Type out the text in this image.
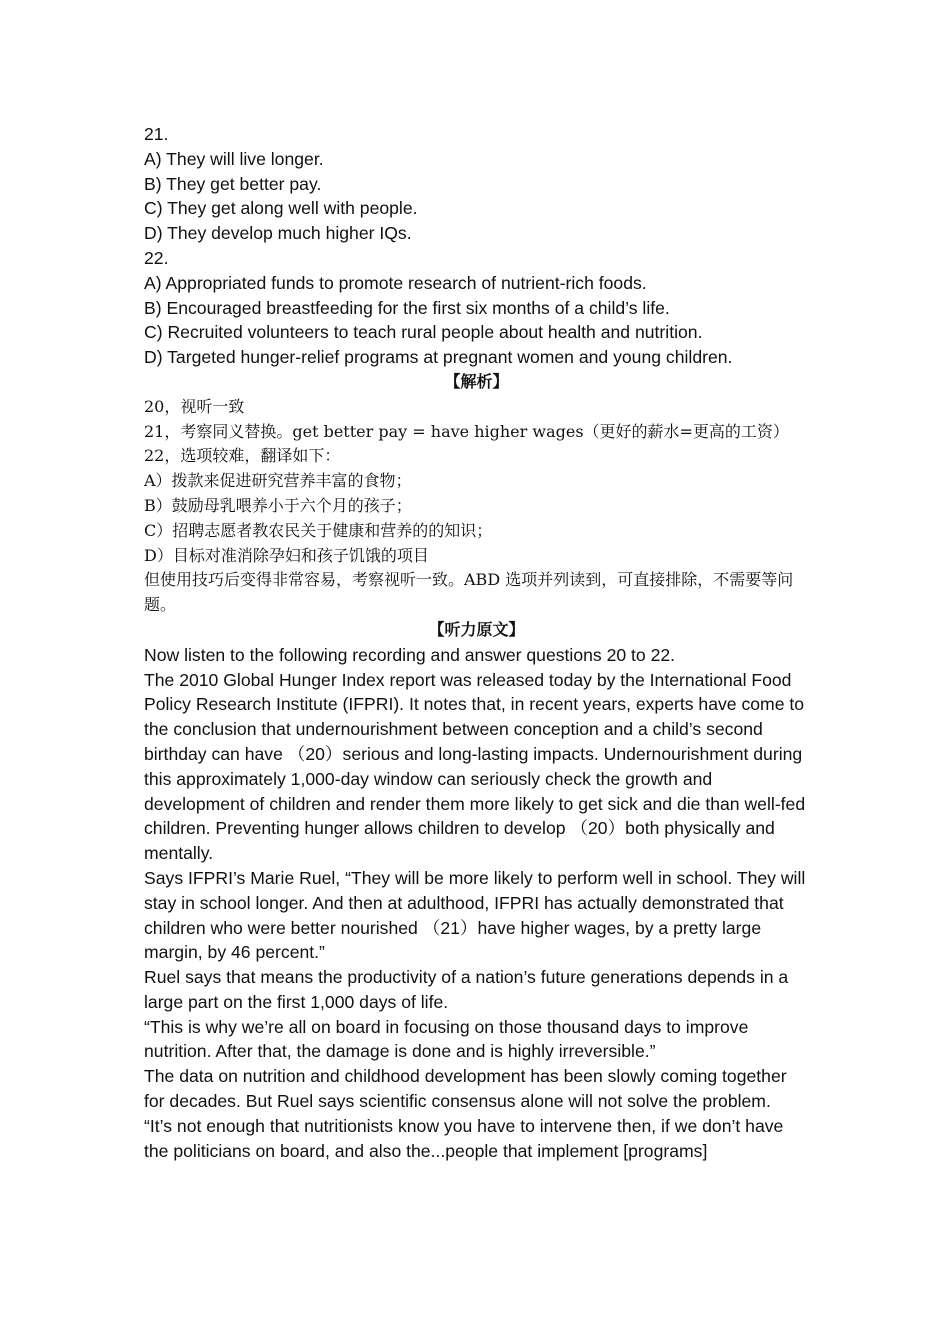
21.

A) They will live longer.

B) They get better pay.

C) They get along well with people.

D) They develop much higher IQs.

22.

A) Appropriated funds to promote research of nutrient-rich foods.

B) Encouraged breastfeeding for the first six months of a child’s life.

C) Recruited volunteers to teach rural people about health and nutrition.

D) Targeted hunger-relief programs at pregnant women and young children.

【解析】

20，视听一致

21，考察同义替换。get better pay = have higher wages（更好的薪水=更高的工资）

22，选项较难，翻译如下：

A）拨款来促进研究营养丰富的食物；

B）鼓励母乳喂养小于六个月的孩子；

C）招聘志愿者教农民关于健康和营养的的知识；

D）目标对准消除孕妇和孩子饥饿的项目

但使用技巧后变得非常容易，考察视听一致。ABD 选项并列读到，可直接排除，不需要等问题。

【听力原文】

Now listen to the following recording and answer questions 20 to 22.

The 2010 Global Hunger Index report was released today by the International Food Policy Research Institute (IFPRI). It notes that, in recent years, experts have come to the conclusion that undernourishment between conception and a child’s second birthday can have （20）serious and long-lasting impacts. Undernourishment during this approximately 1,000-day window can seriously check the growth and development of children and render them more likely to get sick and die than well-fed children. Preventing hunger allows children to develop （20）both physically and mentally.

Says IFPRI’s Marie Ruel, “They will be more likely to perform well in school. They will stay in school longer. And then at adulthood, IFPRI has actually demonstrated that children who were better nourished （21）have higher wages, by a pretty large margin, by 46 percent.”

Ruel says that means the productivity of a nation’s future generations depends in a large part on the first 1,000 days of life.

“This is why we’re all on board in focusing on those thousand days to improve nutrition. After that, the damage is done and is highly irreversible.”

The data on nutrition and childhood development has been slowly coming together for decades. But Ruel says scientific consensus alone will not solve the problem.

“It’s not enough that nutritionists know you have to intervene then, if we don’t have the politicians on board, and also the...people that implement [programs]
